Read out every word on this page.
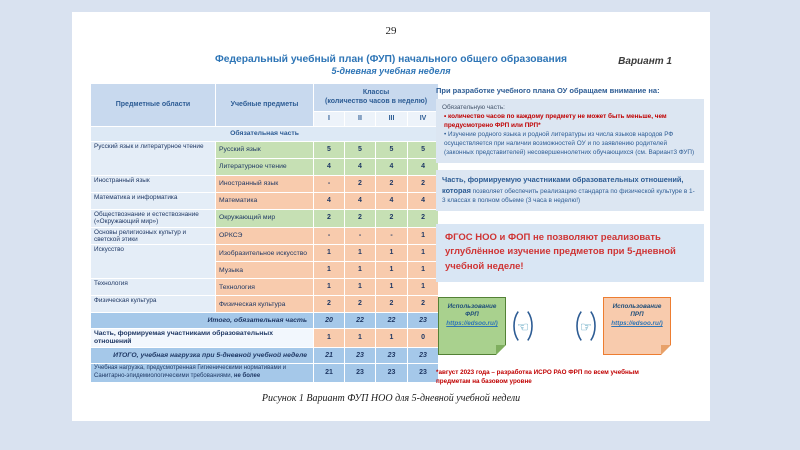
29
Федеральный учебный план (ФУП) начального общего образования
5-дневная учебная неделя
Вариант 1
Предметные области	Учебные предметы	Классы
(количество часов в неделю)			

		I	II	III	IV
Обязательная часть					
Русский язык и литературное чтение	Русский язык	5	5	5	5
	Литературное чтение	4	4	4	4
Иностранный язык	Иностранный язык	-	2	2	2
Математика и информатика	Математика	4	4	4	4
Обществознание и естествознание («Окружающий мир»)	Окружающий мир	2	2	2	2
Основы религиозных культур и светской этики	ОРКСЭ	-	-	-	1
Искусство	Изобразительное искусство	1	1	1	1
	Музыка	1	1	1	1
Технология	Технология	1	1	1	1
Физическая культура	Физическая культура	2	2	2	2
Итого, обязательная часть		20	22	22	23
Часть, формируемая участниками образовательных отношений		1	1	1	0
ИТОГО, учебная нагрузка при 5-дневной учебной неделе		21	23	23	23
Учебная нагрузка, предусмотренная Гигиеническими нормативами и Санитарно-эпидемиологическими требованиями, не более		21	23	23	23
При разработке учебного плана ОУ обращаем внимание на:
Обязательную часть:
• количество часов по каждому предмету не может быть меньше, чем предусмотрено ФРП или ПРП*
• Изучение родного языка и родной литературы из числа языков народов РФ осуществляется при наличии возможностей ОУ и по заявлению родителей (законных представителей) несовершеннолетних обучающихся (см. Вариант3 ФУП)
Часть, формируемую участниками образовательных отношений, которая позволяет обеспечить реализацию стандарта по физической культуре в 1-3 классах в полном объеме (3 часа в неделю!)
ФГОС НОО и ФОП не позволяют реализовать углублённое изучение предметов при 5-дневной учебной неделе!
Использование ФРП
https://edsoo.ru/)	☜	☞
Использование ПРП
https://edsoo.ru/)
*август 2023 года – разработка ИСРО РАО ФРП по всем учебным предметам на базовом уровне
Рисунок 1 Вариант ФУП НОО для 5-дневной учебной недели
